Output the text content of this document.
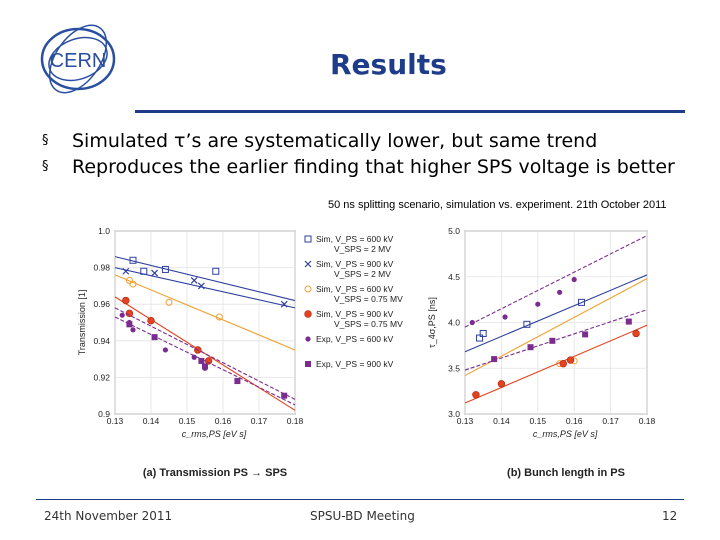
CERN	Results
§ Simulated τ’s are systematically lower, but same trend
§ Reproduces the earlier finding that higher SPS voltage is better
50 ns splitting scenario, simulation vs. experiment. 21th October 2011
0.13 0.14 0.15 0.16 0.17 0.18
0.9
0.92
0.94
0.96
0.98
1.0
c_rms,PS [eV s]
Transmission [1]
(a) Transmission PS → SPS
Sim, V_PS = 600 kV
V_SPS = 2 MV
Sim, V_PS = 900 kV
V_SPS = 2 MV
Sim, V_PS = 600 kV
V_SPS = 0.75 MV
Sim, V_PS = 900 kV
V_SPS = 0.75 MV
Exp, V_PS = 600 kV
Exp, V_PS = 900 kV
0.13 0.14 0.15 0.16 0.17 0.18
3.0
3.5
4.0
4.5
5.0
c_rms,PS [eV s]
τ_4σ,PS [ns]
(b) Bunch length in PS
24th November 2011	SPSU-BD Meeting	12
